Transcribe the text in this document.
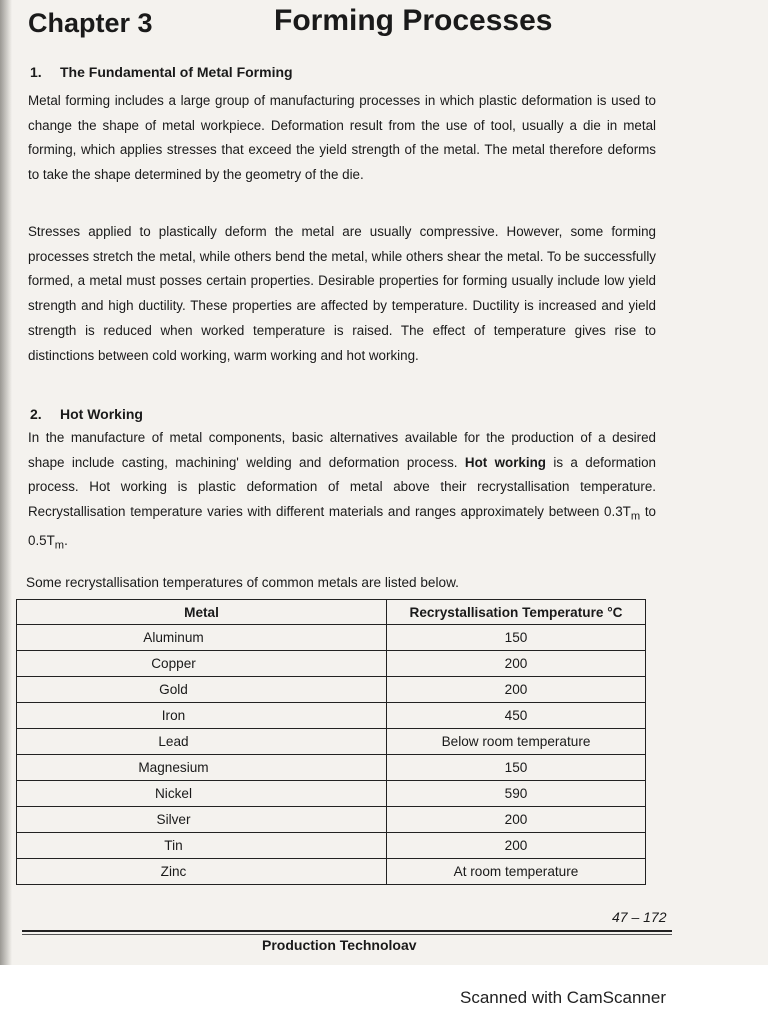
Chapter 3	Forming Processes
1. The Fundamental of Metal Forming

Metal forming includes a large group of manufacturing processes in which plastic deformation is used to change the shape of metal workpiece. Deformation result from the use of tool, usually a die in metal forming, which applies stresses that exceed the yield strength of the metal. The metal therefore deforms to take the shape determined by the geometry of the die.

Stresses applied to plastically deform the metal are usually compressive. However, some forming processes stretch the metal, while others bend the metal, while others shear the metal. To be successfully formed, a metal must posses certain properties. Desirable properties for forming usually include low yield strength and high ductility. These properties are affected by temperature. Ductility is increased and yield strength is reduced when worked temperature is raised. The effect of temperature gives rise to distinctions between cold working, warm working and hot working.

2. Hot Working

In the manufacture of metal components, basic alternatives available for the production of a desired shape include casting, machining' welding and deformation process. Hot working is a deformation process. Hot working is plastic deformation of metal above their recrystallisation temperature. Recrystallisation temperature varies with different materials and ranges approximately between $0.3T_m$ to $0.5T_m$.

Some recrystallisation temperatures of common metals are listed below.
Metal	Recrystallisation Temperature °C
Aluminum	150
Copper	200
Gold	200
Iron	450
Lead	Below room temperature
Magnesium	150
Nickel	590
Silver	200
Tin	200
Zinc	At room temperature
47 – 172
Production Technoloav
Scanned with CamScanner
